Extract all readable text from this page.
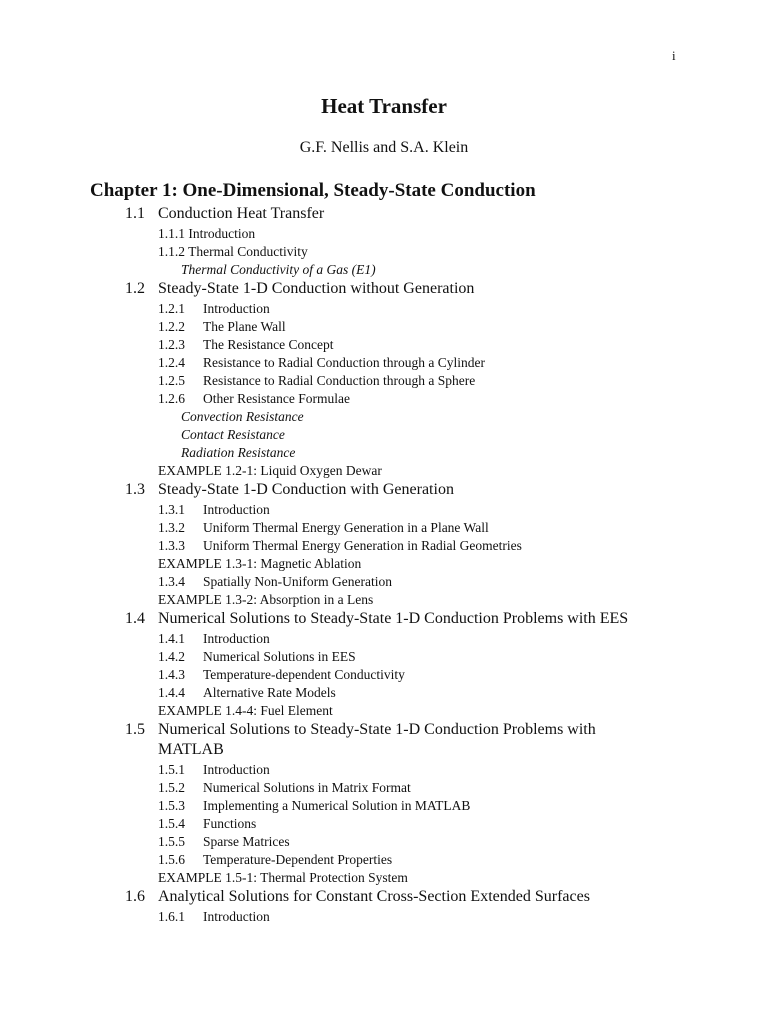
i
Heat Transfer
G.F. Nellis and S.A. Klein
Chapter 1: One-Dimensional, Steady-State Conduction
1.1 Conduction Heat Transfer
1.1.1 Introduction
1.1.2 Thermal Conductivity
Thermal Conductivity of a Gas (E1)
1.2 Steady-State 1-D Conduction without Generation
1.2.1 Introduction
1.2.2 The Plane Wall
1.2.3 The Resistance Concept
1.2.4 Resistance to Radial Conduction through a Cylinder
1.2.5 Resistance to Radial Conduction through a Sphere
1.2.6 Other Resistance Formulae
Convection Resistance
Contact Resistance
Radiation Resistance
EXAMPLE 1.2-1: Liquid Oxygen Dewar
1.3 Steady-State 1-D Conduction with Generation
1.3.1 Introduction
1.3.2 Uniform Thermal Energy Generation in a Plane Wall
1.3.3 Uniform Thermal Energy Generation in Radial Geometries
EXAMPLE 1.3-1: Magnetic Ablation
1.3.4 Spatially Non-Uniform Generation
EXAMPLE 1.3-2: Absorption in a Lens
1.4 Numerical Solutions to Steady-State 1-D Conduction Problems with EES
1.4.1 Introduction
1.4.2 Numerical Solutions in EES
1.4.3 Temperature-dependent Conductivity
1.4.4 Alternative Rate Models
EXAMPLE 1.4-4: Fuel Element
1.5 Numerical Solutions to Steady-State 1-D Conduction Problems with MATLAB
1.5.1 Introduction
1.5.2 Numerical Solutions in Matrix Format
1.5.3 Implementing a Numerical Solution in MATLAB
1.5.4 Functions
1.5.5 Sparse Matrices
1.5.6 Temperature-Dependent Properties
EXAMPLE 1.5-1: Thermal Protection System
1.6 Analytical Solutions for Constant Cross-Section Extended Surfaces
1.6.1 Introduction
